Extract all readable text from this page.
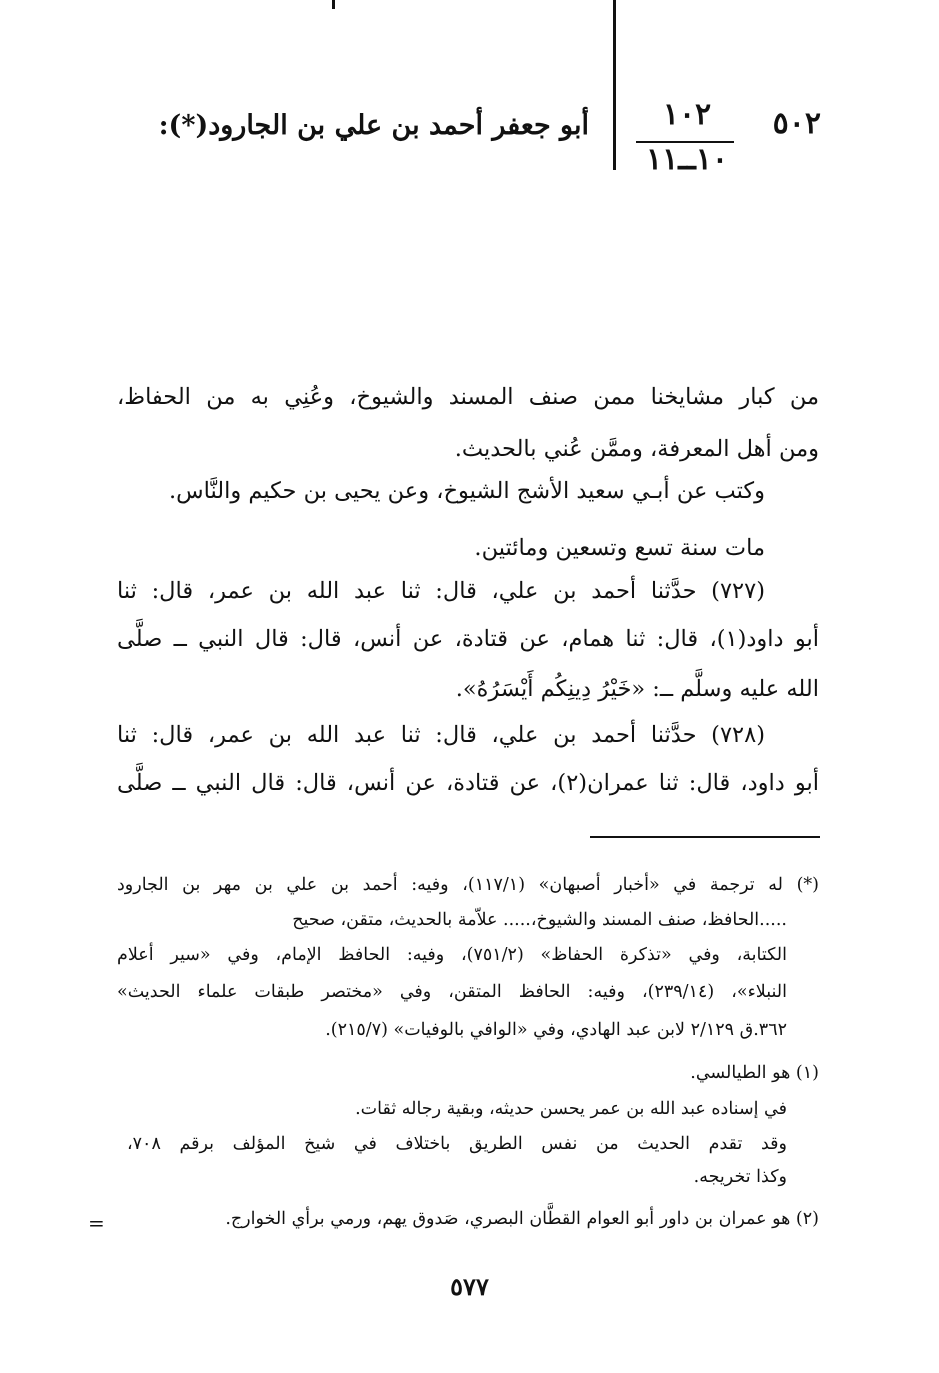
٥٠٢
١٠٢
١٠ــ١١
أبو جعفر أحمد بن علي بن الجارود(*):
من كبار مشايخنا ممن صنف المسند والشيوخ، وعُنِي به من الحفاظ،
ومن أهل المعرفة، وممَّن عُني بالحديث.
وكتب عن أبـي سعيد الأشج الشيوخ، وعن يحيى بن حكيم والنَّاس.
مات سنة تسع وتسعين ومائتين.
(٧٢٧) حدَّثنا أحمد بن علي، قال: ثنا عبد الله بن عمر، قال: ثنا
أبو داود(١)، قال: ثنا همام، عن قتادة، عن أنس، قال: قال النبي ــ صلَّى
الله عليه وسلَّم ــ: «خَيْرُ دِينِكُم أَيْسَرُهُ».
(٧٢٨) حدَّثنا أحمد بن علي، قال: ثنا عبد الله بن عمر، قال: ثنا
أبو داود، قال: ثنا عمران(٢)، عن قتادة، عن أنس، قال: قال النبي ــ صلَّى
(*) له ترجمة في «أخبار أصبهان» (١١٧/١)، وفيه: أحمد بن علي بن مهر بن الجارود
.....الحافظ، صنف المسند والشيوخ،..... علاّمة بالحديث، متقن، صحيح
الكتابة، وفي «تذكرة الحفاظ» (٧٥١/٢)، وفيه: الحافظ الإمام، وفي «سير أعلام
النبلاء»، (٢٣٩/١٤)، وفيه: الحافظ المتقن، وفي «مختصر طبقات علماء الحديث»
٣٦٢.ق ٢/١٢٩ لابن عبد الهادي، وفي «الوافي بالوفيات» (٢١٥/٧).
(١) هو الطيالسي.
في إسناده عبد الله بن عمر يحسن حديثه، وبقية رجاله ثقات.
وقد تقدم الحديث من نفس الطريق باختلاف في شيخ المؤلف برقم ٧٠٨،
وكذا تخريجه.
(٢) هو عمران بن داور أبو العوام القطَّان البصري، صَدوق يهم، ورمي برأي الخوارج.
=
٥٧٧
